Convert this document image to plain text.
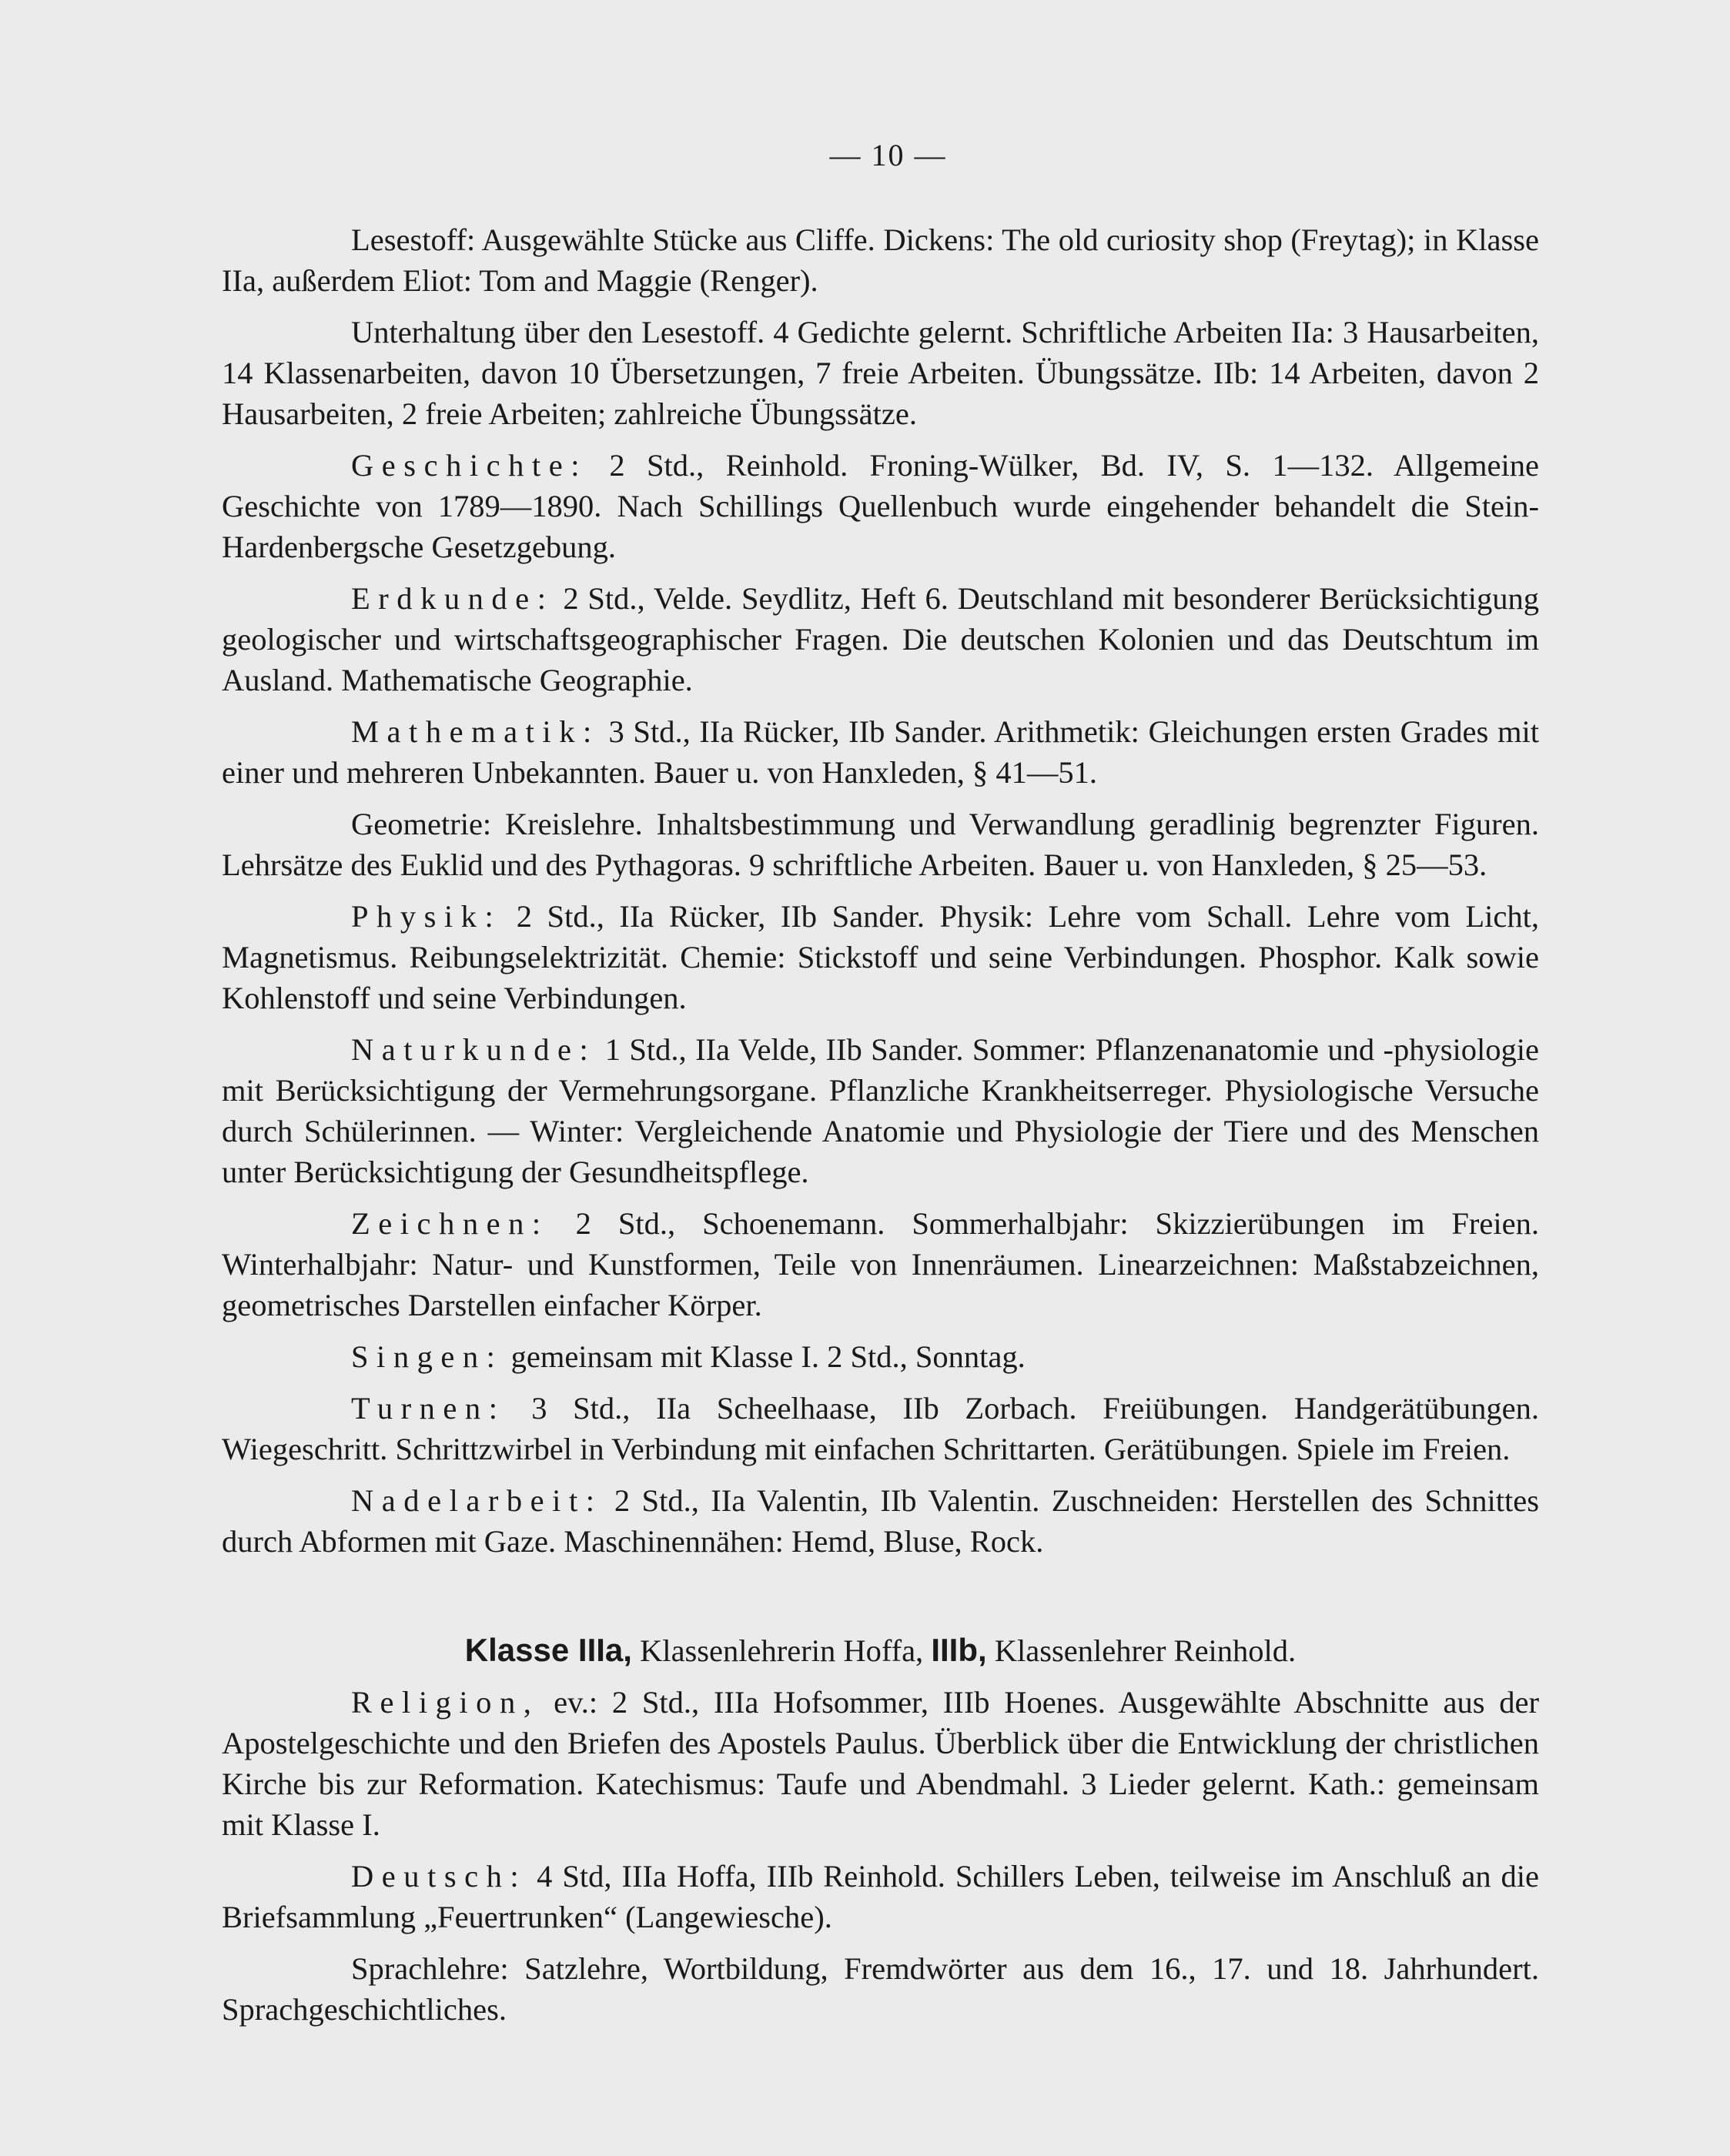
— 10 —

Lesestoff: Ausgewählte Stücke aus Cliffe. Dickens: The old curiosity shop (Freytag); in Klasse IIa, außerdem Eliot: Tom and Maggie (Renger).

Unterhaltung über den Lesestoff. 4 Gedichte gelernt. Schriftliche Arbeiten IIa: 3 Hausarbeiten, 14 Klassenarbeiten, davon 10 Übersetzungen, 7 freie Arbeiten. Übungssätze. IIb: 14 Arbeiten, davon 2 Hausarbeiten, 2 freie Arbeiten; zahlreiche Übungssätze.

Geschichte: 2 Std., Reinhold. Froning-Wülker, Bd. IV, S. 1—132. Allgemeine Geschichte von 1789—1890. Nach Schillings Quellenbuch wurde eingehender behandelt die Stein-Hardenbergsche Gesetzgebung.

Erdkunde: 2 Std., Velde. Seydlitz, Heft 6. Deutschland mit besonderer Berücksichtigung geologischer und wirtschaftsgeographischer Fragen. Die deutschen Kolonien und das Deutschtum im Ausland. Mathematische Geographie.

Mathematik: 3 Std., IIa Rücker, IIb Sander. Arithmetik: Gleichungen ersten Grades mit einer und mehreren Unbekannten. Bauer u. von Hanxleden, § 41—51.

Geometrie: Kreislehre. Inhaltsbestimmung und Verwandlung geradlinig begrenzter Figuren. Lehrsätze des Euklid und des Pythagoras. 9 schriftliche Arbeiten. Bauer u. von Hanxleden, § 25—53.

Physik: 2 Std., IIa Rücker, IIb Sander. Physik: Lehre vom Schall. Lehre vom Licht, Magnetismus. Reibungselektrizität. Chemie: Stickstoff und seine Verbindungen. Phosphor. Kalk sowie Kohlenstoff und seine Verbindungen.

Naturkunde: 1 Std., IIa Velde, IIb Sander. Sommer: Pflanzenanatomie und -physiologie mit Berücksichtigung der Vermehrungsorgane. Pflanzliche Krankheitserreger. Physiologische Versuche durch Schülerinnen. — Winter: Vergleichende Anatomie und Physiologie der Tiere und des Menschen unter Berücksichtigung der Gesundheitspflege.

Zeichnen: 2 Std., Schoenemann. Sommerhalbjahr: Skizzierübungen im Freien. Winterhalbjahr: Natur- und Kunstformen, Teile von Innenräumen. Linearzeichnen: Maßstabzeichnen, geometrisches Darstellen einfacher Körper.

Singen: gemeinsam mit Klasse I. 2 Std., Sonntag.

Turnen: 3 Std., IIa Scheelhaase, IIb Zorbach. Freiübungen. Handgerätübungen. Wiegeschritt. Schrittzwirbel in Verbindung mit einfachen Schrittarten. Gerätübungen. Spiele im Freien.

Nadelarbeit: 2 Std., IIa Valentin, IIb Valentin. Zuschneiden: Herstellen des Schnittes durch Abformen mit Gaze. Maschinennähen: Hemd, Bluse, Rock.

Klasse IIIa, Klassenlehrerin Hoffa, IIIb, Klassenlehrer Reinhold.

Religion, ev.: 2 Std., IIIa Hofsommer, IIIb Hoenes. Ausgewählte Abschnitte aus der Apostelgeschichte und den Briefen des Apostels Paulus. Überblick über die Entwicklung der christlichen Kirche bis zur Reformation. Katechismus: Taufe und Abendmahl. 3 Lieder gelernt. Kath.: gemeinsam mit Klasse I.

Deutsch: 4 Std, IIIa Hoffa, IIIb Reinhold. Schillers Leben, teilweise im Anschluß an die Briefsammlung „Feuertrunken“ (Langewiesche).

Sprachlehre: Satzlehre, Wortbildung, Fremdwörter aus dem 16., 17. und 18. Jahrhundert. Sprachgeschichtliches.
